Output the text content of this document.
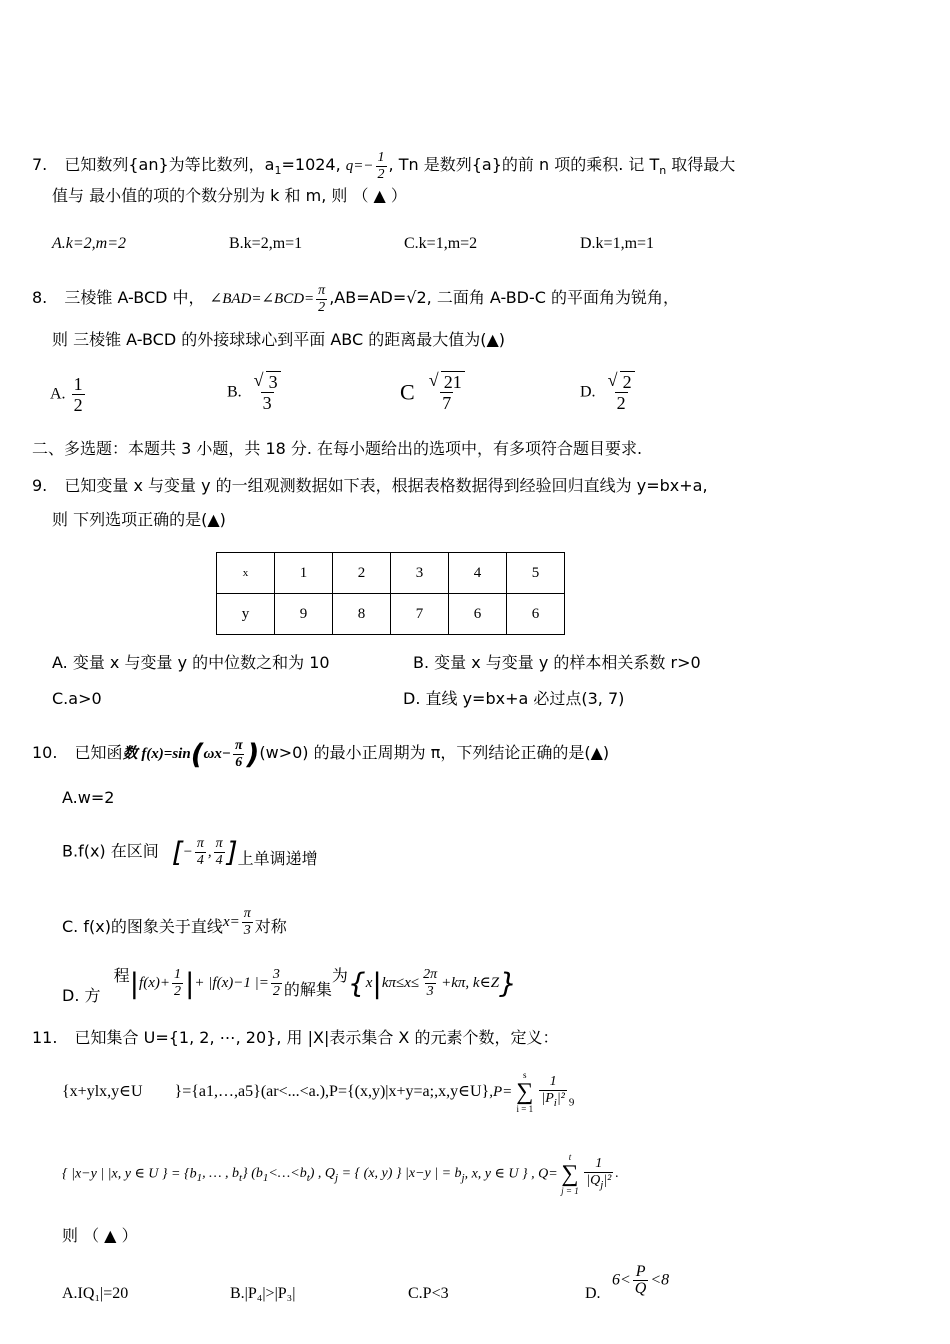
7. 已知数列{an}为等比数列，$a_1=1024$, $q=- \frac{1}{2}$ , Tn 是数列{a}的前 n 项的乘积. 记 $T_n$ 取得最大
值与 最小值的项的个数分别为 k 和 m, 则 （ ▲ ）
A.k=2,m=2	B.k=2,m=1	C.k=1,m=2	D.k=1,m=1
8. 三棱锥 A-BCD 中， ∠BAD=∠BCD= $\frac{\pi}{2} ,AB=AD=√2$, 二面角 A-BD-C 的平面角为锐角，
则 三棱锥 A-BCD 的外接球球心到平面 ABC 的距离最大值为(▲)
A. $\frac{1}{2}$	B. √ $\frac{3}{3}$	C √ $\frac{21}{7}$	D. √ $\frac{2}{2}$
二、多选题：本题共 3 小题，共 18 分. 在每小题给出的选项中，有多项符合题目要求.
9. 已知变量 x 与变量 y 的一组观测数据如下表，根据表格数据得到经验回归直线为 y=bx+a,
则 下列选项正确的是(▲)
x	1	2	3	4	5
y	9	8	7	6	6
A. 变量 x 与变量 y 的中位数之和为 10	B. 变量 x 与变量 y 的样本相关系数 r>0
C.a>0	D. 直线 y=bx+a 必过点(3, 7)
10. 已知函数 $f(x)=\sin(\omega x- \frac{\pi}{6} )(w>0)$ 的最小正周期为 π，下列结论正确的是(▲)
A.w=2
B.f(x) 在区间 [− $\frac{\pi}{4}$ , $\frac{\pi}{4}$ ]上单调递增
C. f(x)的图象关于直线$x= \frac{\pi}{3}$ 对称
D. 方 程$|f(x)+ \frac{1}{2}$ |+ |f(x)−1 |= $\frac{3}{2}$ 的解集为{$x|k\pi\le x\le \frac{2\pi}{3} +k\pi$, k∈Z}
11. 已知集合 U={1, 2, ⋯, 20}, 用 |X|表示集合 X 的元素个数，定义：
{x+ylx,y∈U }={a1,…,a5}(ar<...<a.),P={(x,y)|x+y=a;,x,y∈U},P=
s
∑
i = 1
$\frac{1}{|P_i|^2} _9$
{ |x−y | |x, y ∈ U } = {$b_1$, … , $b_t$} $(b_1<\dots<b_t)$ , $Q_j$ = { (x, y) } |x−y | = $b_j$, x, y ∈ U } , Q=
t
∑
j = 1
$\frac{1}{|Q_j|^2}$ .
则 （ ▲ ）
A.IQ₁|=20	B.|P₄|>|P₃|	C.P<3	D.
$6< \frac{P}{Q} <8$
